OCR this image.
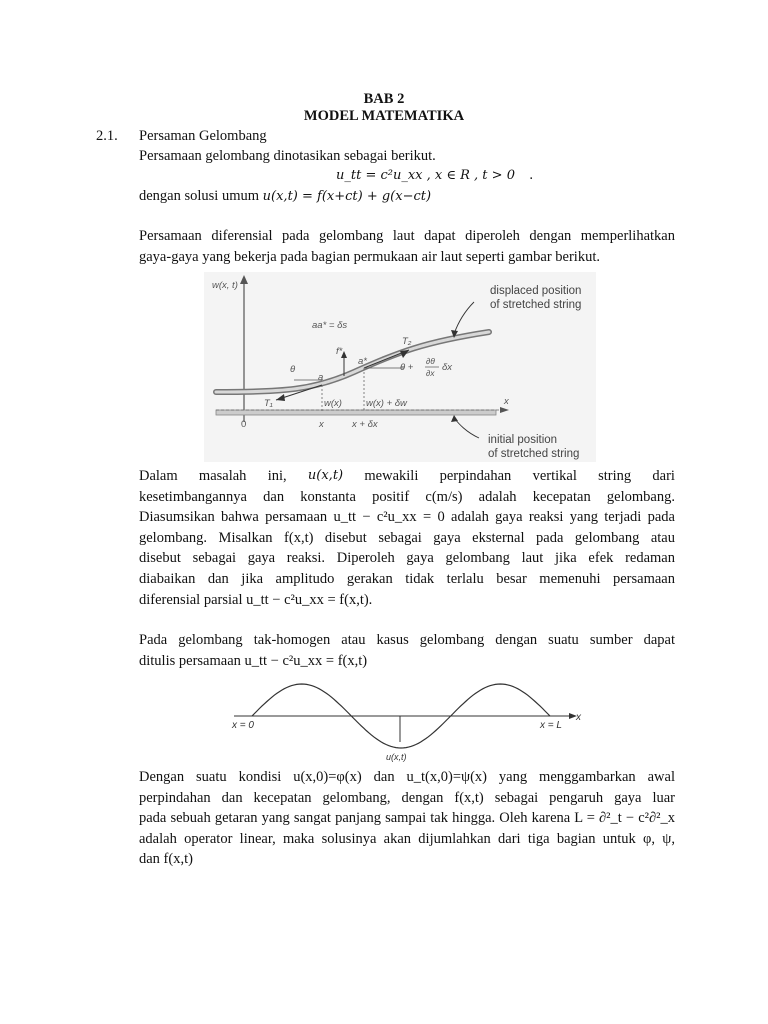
BAB 2
MODEL MATEMATIKA
2.1. Persaman Gelombang
Persamaan gelombang dinotasikan sebagai berikut.
u_tt = c²u_xx , x ∈ R , t > 0 .
dengan solusi umum u(x,t) = f(x+ct) + g(x−ct)
Persamaan diferensial pada gelombang laut dapat diperoleh dengan memperlihatkan
gaya-gaya yang bekerja pada bagian permukaan air laut seperti gambar berikut.
w(x, t)
x
displaced position
of stretched string
initial position
of stretched string
aa* = δs
f*
θ
a
a*
T₁
T₂
θ +
∂θ
∂x δx
w(x)	w(x) + δw
0	x	x + δx
Dalam masalah ini, u(x,t) mewakili perpindahan vertikal string dari
kesetimbangannya dan konstanta positif c(m/s) adalah kecepatan gelombang.
Diasumsikan bahwa persamaan u_tt − c²u_xx = 0 adalah gaya reaksi yang terjadi pada
gelombang. Misalkan f(x,t) disebut sebagai gaya eksternal pada gelombang atau
disebut sebagai gaya reaksi. Diperoleh gaya gelombang laut jika efek redaman
diabaikan dan jika amplitudo gerakan tidak terlalu besar memenuhi persamaan
diferensial parsial u_tt − c²u_xx = f(x,t).
Pada gelombang tak-homogen atau kasus gelombang dengan suatu sumber dapat
ditulis persamaan u_tt − c²u_xx = f(x,t)
x = 0	x = L
x
u(x,t)
Dengan suatu kondisi u(x,0)=φ(x) dan u_t(x,0)=ψ(x) yang menggambarkan awal
perpindahan dan kecepatan gelombang, dengan f(x,t) sebagai pengaruh gaya luar
pada sebuah getaran yang sangat panjang sampai tak hingga. Oleh karena L = ∂²_t − c²∂²_x
adalah operator linear, maka solusinya akan dijumlahkan dari tiga bagian untuk φ, ψ,
dan f(x,t)
